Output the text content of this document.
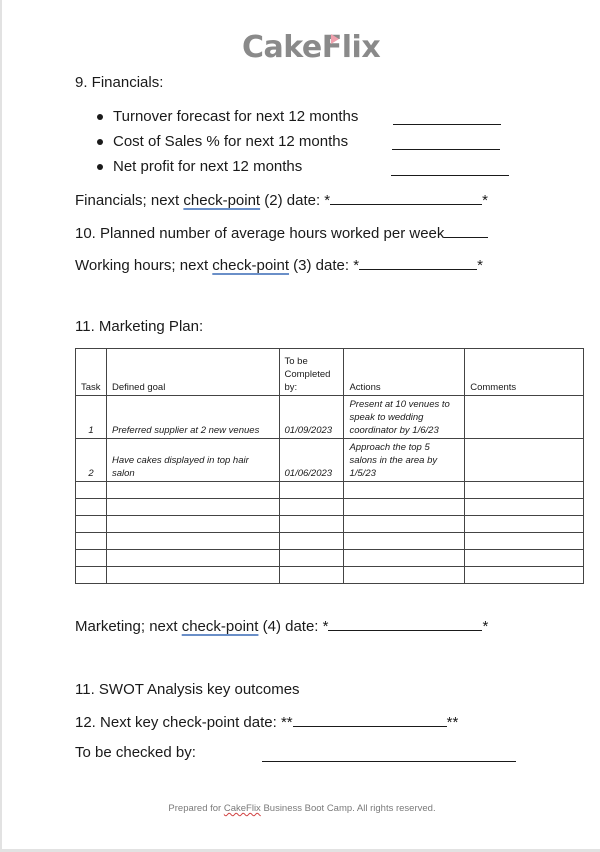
CakeFlix
9. Financials:
Turnover forecast for next 12 months
Cost of Sales % for next 12 months
Net profit for next 12 months
Financials; next check-point (2) date: *	*
10. Planned number of average hours worked per week
Working hours; next check-point (3) date: *	*
11. Marketing Plan:
Task	Defined goal	To be Completed by:	Actions	Comments
1	Preferred supplier at 2 new venues	01/09/2023	Present at 10 venues to speak to wedding coordinator by 1/6/23	
2	Have cakes displayed in top hair salon	01/06/2023	Approach the top 5 salons in the area by 1/5/23	

Marketing; next check-point (4) date: *	*
11. SWOT Analysis key outcomes
12. Next key check-point date: **	**
To be checked by:
Prepared for CakeFlix Business Boot Camp. All rights reserved.
